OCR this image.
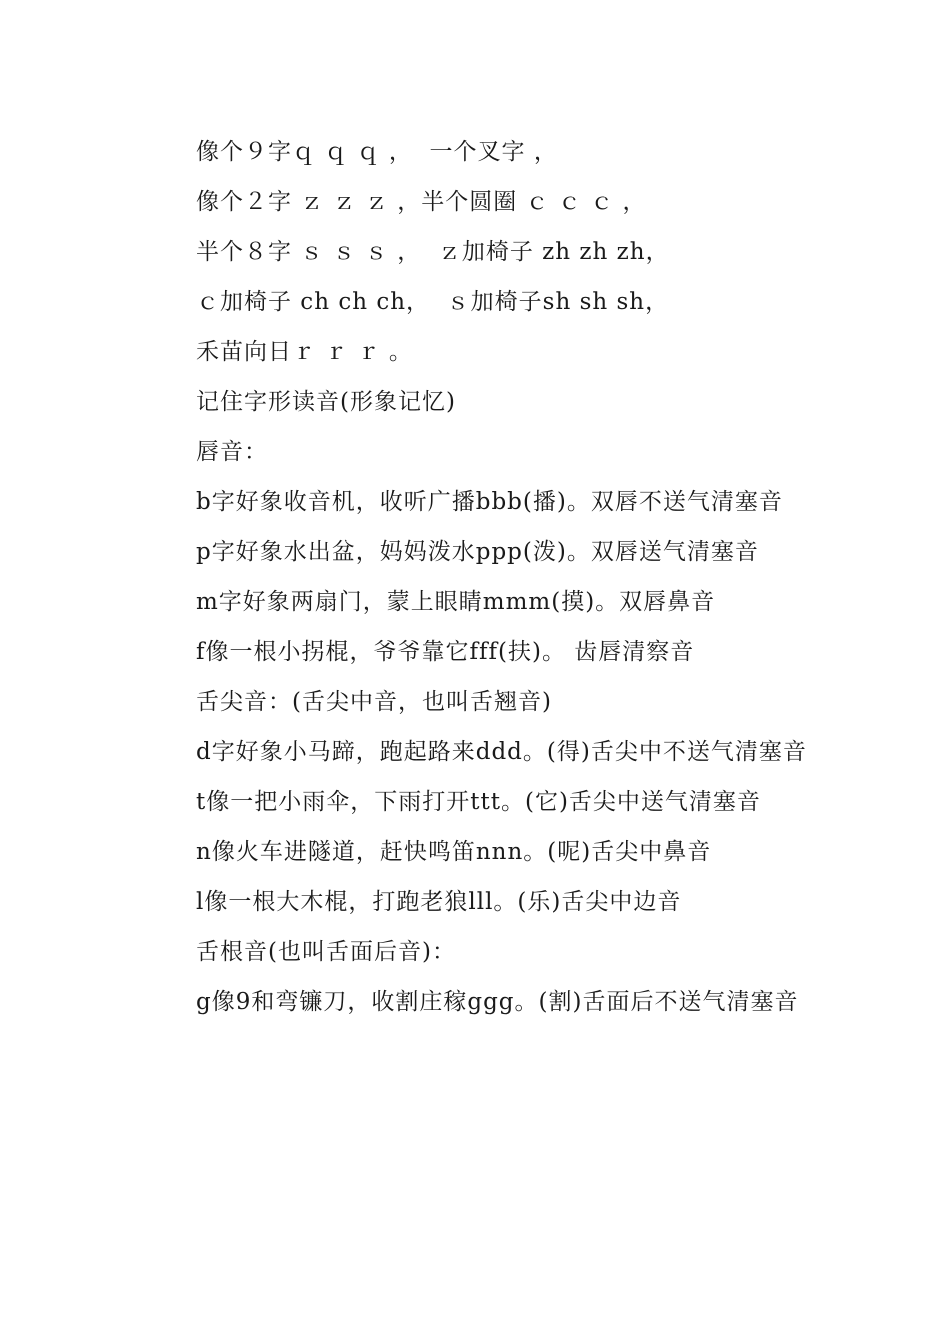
像个９字ｑ ｑ ｑ ，  一个叉字 ，

像个２字 ｚ ｚ ｚ ，半个圆圈 ｃ ｃ ｃ ，

半个８字 ｓ ｓ ｓ ，  ｚ加椅子 zh zh zh，

ｃ加椅子 ch ch ch，  ｓ加椅子sh sh sh，

禾苗向日ｒ ｒ ｒ 。

记住字形读音(形象记忆)

唇音：

b字好象收音机，收听广播bbb(播)。双唇不送气清塞音

p字好象水出盆，妈妈泼水ppp(泼)。双唇送气清塞音

m字好象两扇门，蒙上眼睛mmm(摸)。双唇鼻音

f像一根小拐棍，爷爷靠它fff(扶)。 齿唇清察音

舌尖音：(舌尖中音，也叫舌翘音)

d字好象小马蹄，跑起路来ddd。(得)舌尖中不送气清塞音

t像一把小雨伞，下雨打开ttt。(它)舌尖中送气清塞音

n像火车进隧道，赶快鸣笛nnn。(呢)舌尖中鼻音

l像一根大木棍，打跑老狼lll。(乐)舌尖中边音

舌根音(也叫舌面后音)：

g像9和弯镰刀，收割庄稼ggg。(割)舌面后不送气清塞音
